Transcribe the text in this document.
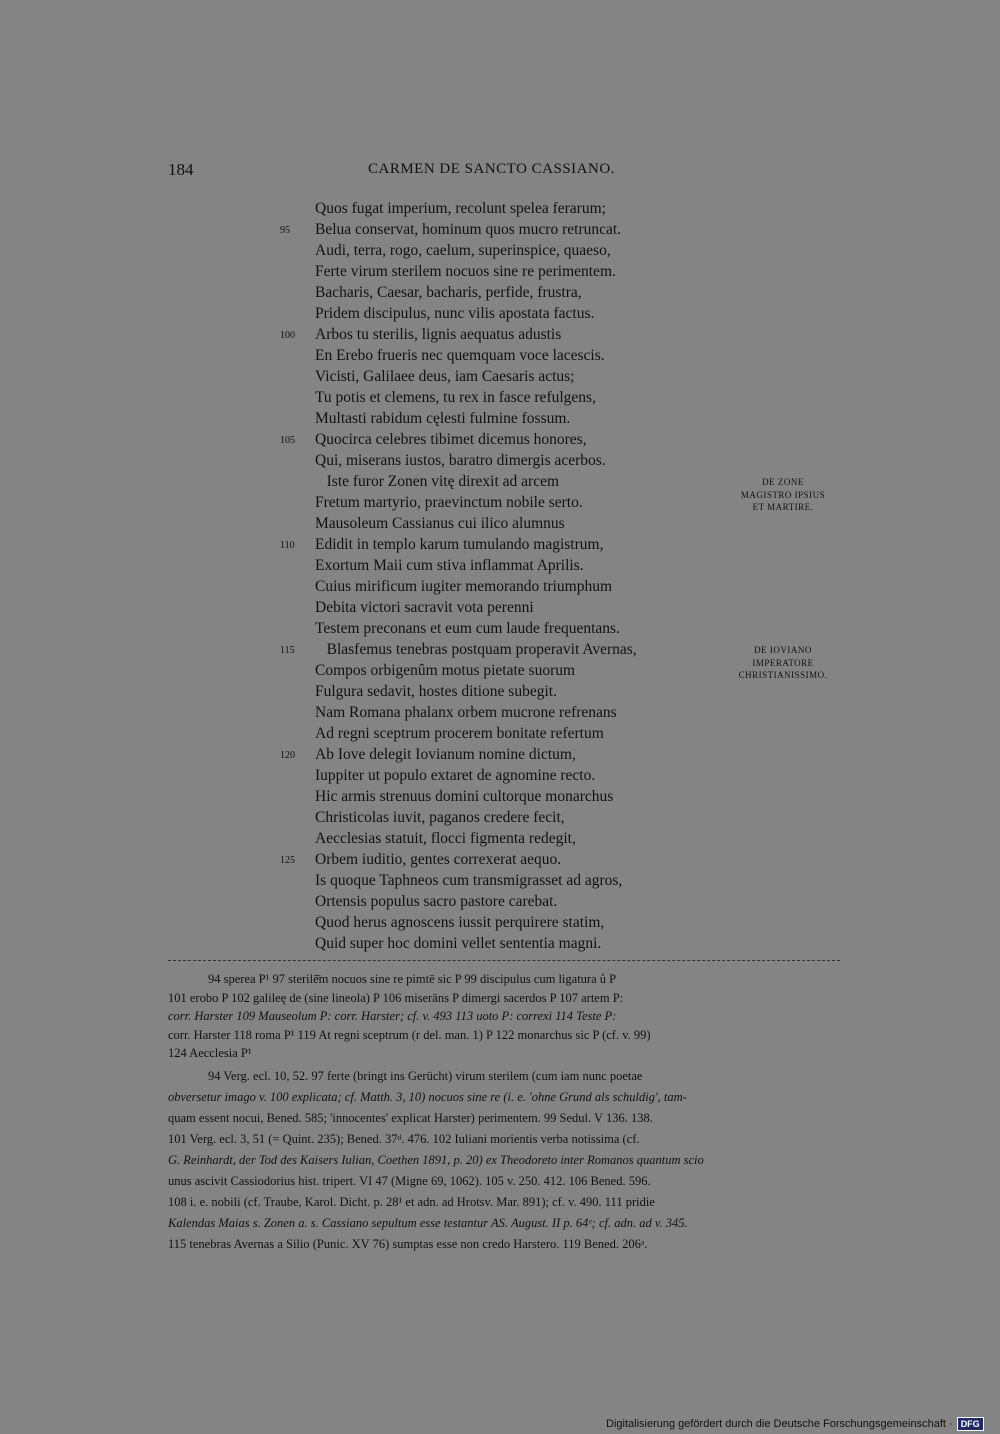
184	CARMEN DE SANCTO CASSIANO.
Quos fugat imperium, recolunt spelea ferarum;
95	Belua conservat, hominum quos mucro retruncat.
Audi, terra, rogo, caelum, superinspice, quaeso,
Ferte virum sterilem nocuos sine re perimentem.
Bacharis, Caesar, bacharis, perfide, frustra,
Pridem discipulus, nunc vilis apostata factus.
100	Arbos tu sterilis, lignis aequatus adustis
En Erebo frueris nec quemquam voce lacescis.
Vicisti, Galilaee deus, iam Caesaris actus;
Tu potis et clemens, tu rex in fasce refulgens,
Multasti rabidum cęlesti fulmine fossum.
105	Quocirca celebres tibimet dicemus honores,
Qui, miserans iustos, baratro dimergis acerbos.
Iste furor Zonen vitę direxit ad arcem
Fretum martyrio, praevinctum nobile serto.
Mausoleum Cassianus cui ilico alumnus
110	Edidit in templo karum tumulando magistrum,
Exortum Maii cum stiva inflammat Aprilis.
Cuius mirificum iugiter memorando triumphum
Debita victori sacravit vota perenni
Testem preconans et eum cum laude frequentans.
115	Blasfemus tenebras postquam properavit Avernas,
Compos orbigenûm motus pietate suorum
Fulgura sedavit, hostes ditione subegit.
Nam Romana phalanx orbem mucrone refrenans
Ad regni sceptrum procerem bonitate refertum
120	Ab Iove delegit Iovianum nomine dictum,
Iuppiter ut populo extaret de agnomine recto.
Hic armis strenuus domini cultorque monarchus
Christicolas iuvit, paganos credere fecit,
Aecclesias statuit, flocci figmenta redegit,
125	Orbem iuditio, gentes correxerat aequo.
Is quoque Taphneos cum transmigrasset ad agros,
Ortensis populus sacro pastore carebat.
Quod herus agnoscens iussit perquirere statim,
Quid super hoc domini vellet sententia magni.
DE ZONE
MAGISTRO IPSIUS
ET MARTIRE.
DE IOVIANO
IMPERATORE
CHRISTIANISSIMO.
94 sperea P¹ 97 sterilē̄m nocuos sine re pimtē sic P 99 discipulus cum ligatura ů P
101 erobo P 102 galileę de (sine lineola) P 106 miserāns P dimergi sacerdos P 107 artem P:
corr. Harster 109 Mauseolum P: corr. Harster; cf. v. 493 113 uoto P: correxi 114 Teste P:
corr. Harster 118 roma P¹ 119 At regni sceptrum (r del. man. 1) P 122 monarchus sic P (cf. v. 99)
124 Aecclesia P¹
94 Verg. ecl. 10, 52. 97 ferte (bringt ins Gerücht) virum sterilem (cum iam nunc poetae
obversetur imago v. 100 explicata; cf. Matth. 3, 10) nocuos sine re (i. e. 'ohne Grund als schuldig', tam-
quam essent nocui, Bened. 585; 'innocentes' explicat Harster) perimentem. 99 Sedul. V 136. 138.
101 Verg. ecl. 3, 51 (= Quint. 235); Bened. 37ᵈ. 476. 102 Iuliani morientis verba notissima (cf.
G. Reinhardt, der Tod des Kaisers Iulian, Coethen 1891, p. 20) ex Theodoreto inter Romanos quantum scio
unus ascivit Cassiodorius hist. tripert. VI 47 (Migne 69, 1062). 105 v. 250. 412. 106 Bened. 596.
108 i. e. nobili (cf. Traube, Karol. Dicht. p. 28¹ et adn. ad Hrotsv. Mar. 891); cf. v. 490. 111 pridie
Kalendas Maias s. Zonen a. s. Cassiano sepultum esse testantur AS. August. II p. 64ᵉ; cf. adn. ad v. 345.
115 tenebras Avernas a Silio (Punic. XV 76) sumptas esse non credo Harstero. 119 Bened. 206ᵃ.
Digitalisierung gefördert durch die Deutsche Forschungsgemeinschaft · DFG
